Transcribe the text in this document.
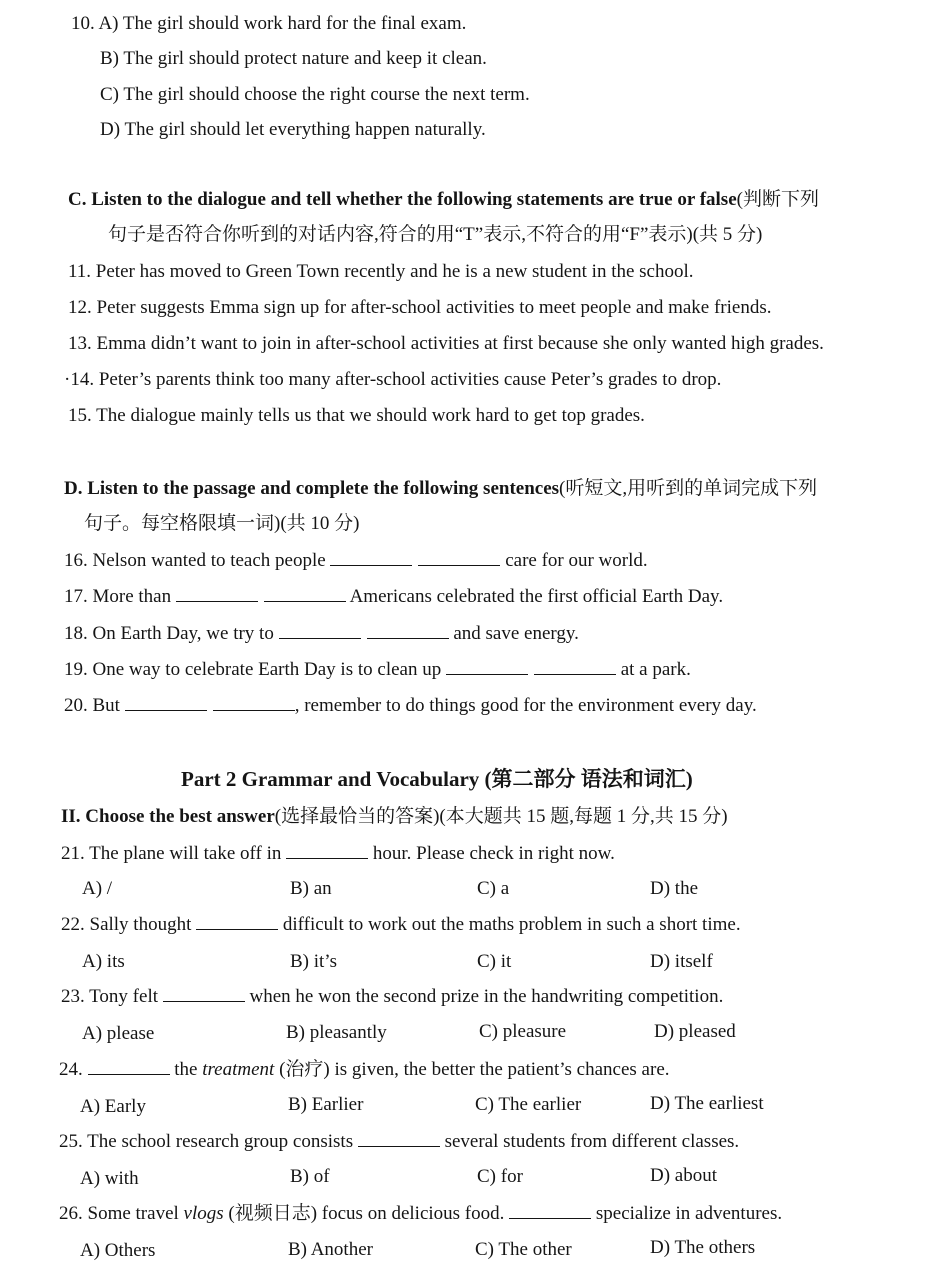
10. A) The girl should work hard for the final exam.
B) The girl should protect nature and keep it clean.
C) The girl should choose the right course the next term.
D) The girl should let everything happen naturally.
C. Listen to the dialogue and tell whether the following statements are true or false(判断下列
句子是否符合你听到的对话内容,符合的用“T”表示,不符合的用“F”表示)(共 5 分)
11. Peter has moved to Green Town recently and he is a new student in the school.
12. Peter suggests Emma sign up for after-school activities to meet people and make friends.
13. Emma didn’t want to join in after-school activities at first because she only wanted high grades.
·14. Peter’s parents think too many after-school activities cause Peter’s grades to drop.
15. The dialogue mainly tells us that we should work hard to get top grades.
D. Listen to the passage and complete the following sentences(听短文,用听到的单词完成下列
句子。每空格限填一词)(共 10 分)
16. Nelson wanted to teach people	care for our world.
17. More than	Americans celebrated the first official Earth Day.
18. On Earth Day, we try to	and save energy.
19. One way to celebrate Earth Day is to clean up	at a park.
20. But	, remember to do things good for the environment every day.
Part 2 Grammar and Vocabulary (第二部分 语法和词汇)
II. Choose the best answer(选择最恰当的答案)(本大题共 15 题,每题 1 分,共 15 分)
21. The plane will take off in	hour. Please check in right now.
A) /	B) an	C) a	D) the
22. Sally thought	difficult to work out the maths problem in such a short time.
A) its	B) it’s	C) it	D) itself
23. Tony felt	when he won the second prize in the handwriting competition.
A) please	B) pleasantly	C) pleasure	D) pleased
24.	the treatment (治疗) is given, the better the patient’s chances are.
A) Early	B) Earlier	C) The earlier	D) The earliest
25. The school research group consists	several students from different classes.
A) with	B) of	C) for	D) about
26. Some travel vlogs (视频日志) focus on delicious food.	specialize in adventures.
A) Others	B) Another	C) The other	D) The others
